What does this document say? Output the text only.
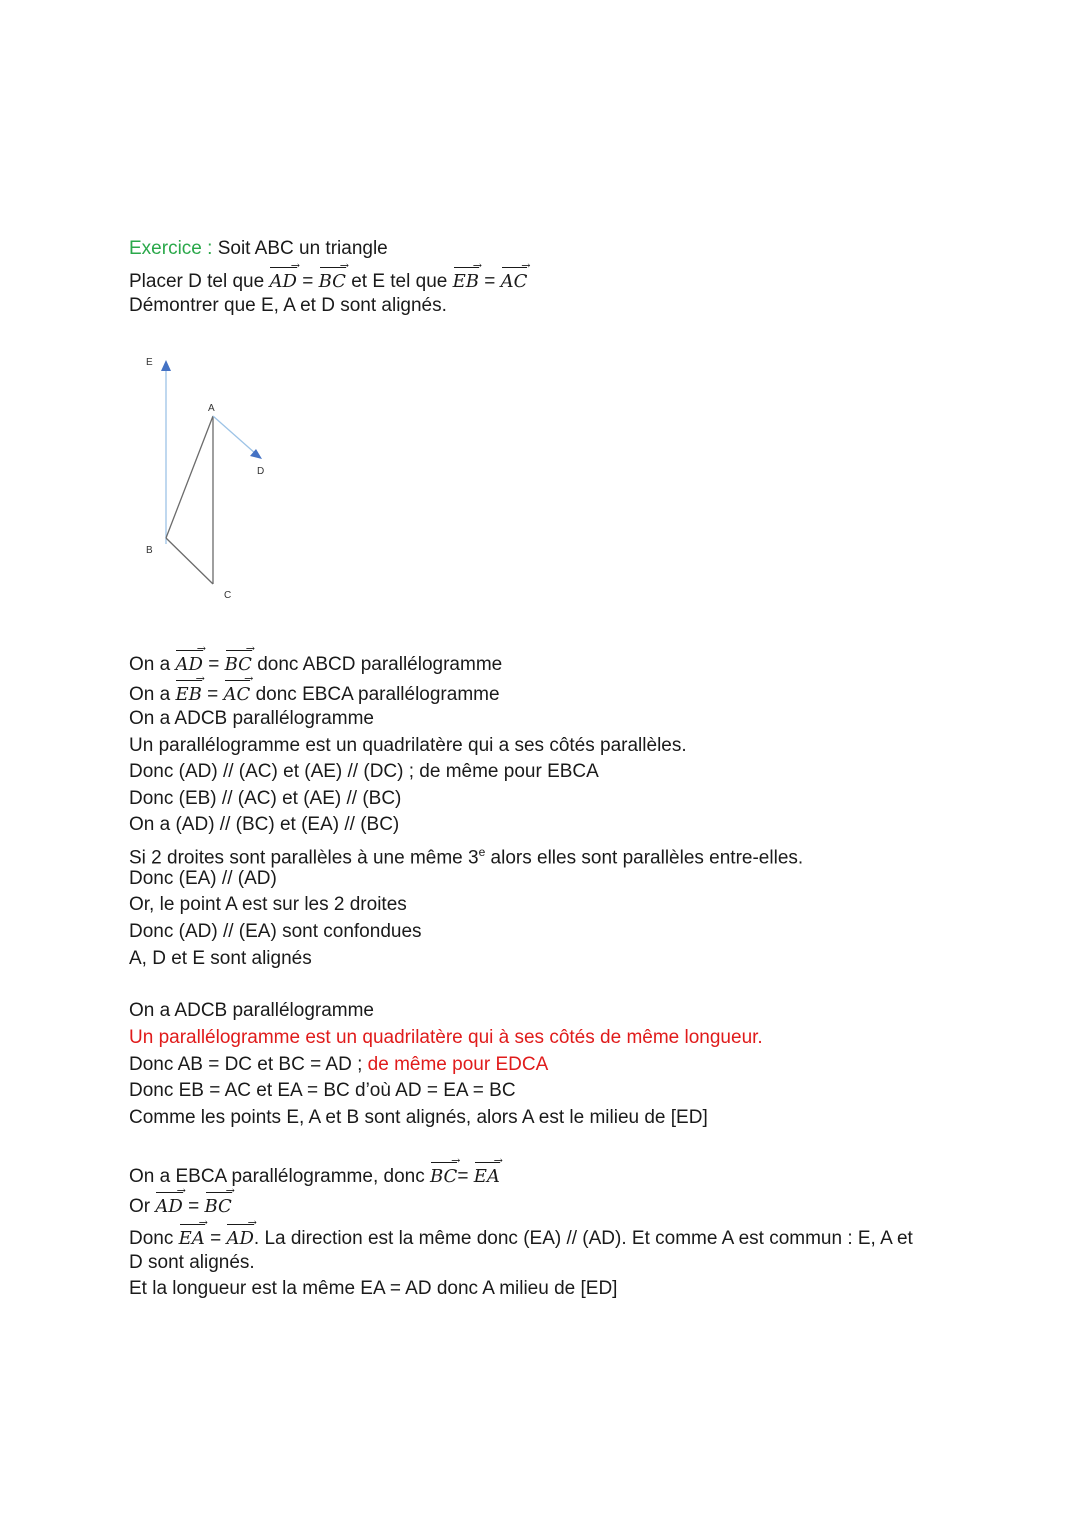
Exercice : Soit ABC un triangle

Placer D tel que
→
AD =
→
BC et E tel que
→
EB =
→
AC

Démontrer que E, A et D sont alignés.

E
A
D
B
C

On a
→
AD =
→
BC donc ABCD parallélogramme

On a
→
EB =
→
AC donc EBCA parallélogramme

On a ADCB parallélogramme

Un parallélogramme est un quadrilatère qui a ses côtés parallèles.

Donc (AD) // (AC) et (AE) // (DC) ; de même pour EBCA

Donc (EB) // (AC) et (AE) // (BC)

On a (AD) // (BC) et (EA) // (BC)

Si 2 droites sont parallèles à une même 3e alors elles sont parallèles entre-elles.

Donc (EA) // (AD)

Or, le point A est sur les 2 droites

Donc (AD) // (EA) sont confondues

A, D et E sont alignés

On a ADCB parallélogramme

Un parallélogramme est un quadrilatère qui à ses côtés de même longueur.

Donc AB = DC et BC = AD ; de même pour EDCA

Donc EB = AC et EA = BC d’où AD = EA = BC

Comme les points E, A et B sont alignés, alors A est le milieu de [ED]

On a EBCA parallélogramme, donc
→
BC=
→
EA

Or
→
AD =
→
BC

Donc
→
EA =
→
AD. La direction est la même donc (EA) // (AD). Et comme A est commun : E, A et

D sont alignés.

Et la longueur est la même EA = AD donc A milieu de [ED]
